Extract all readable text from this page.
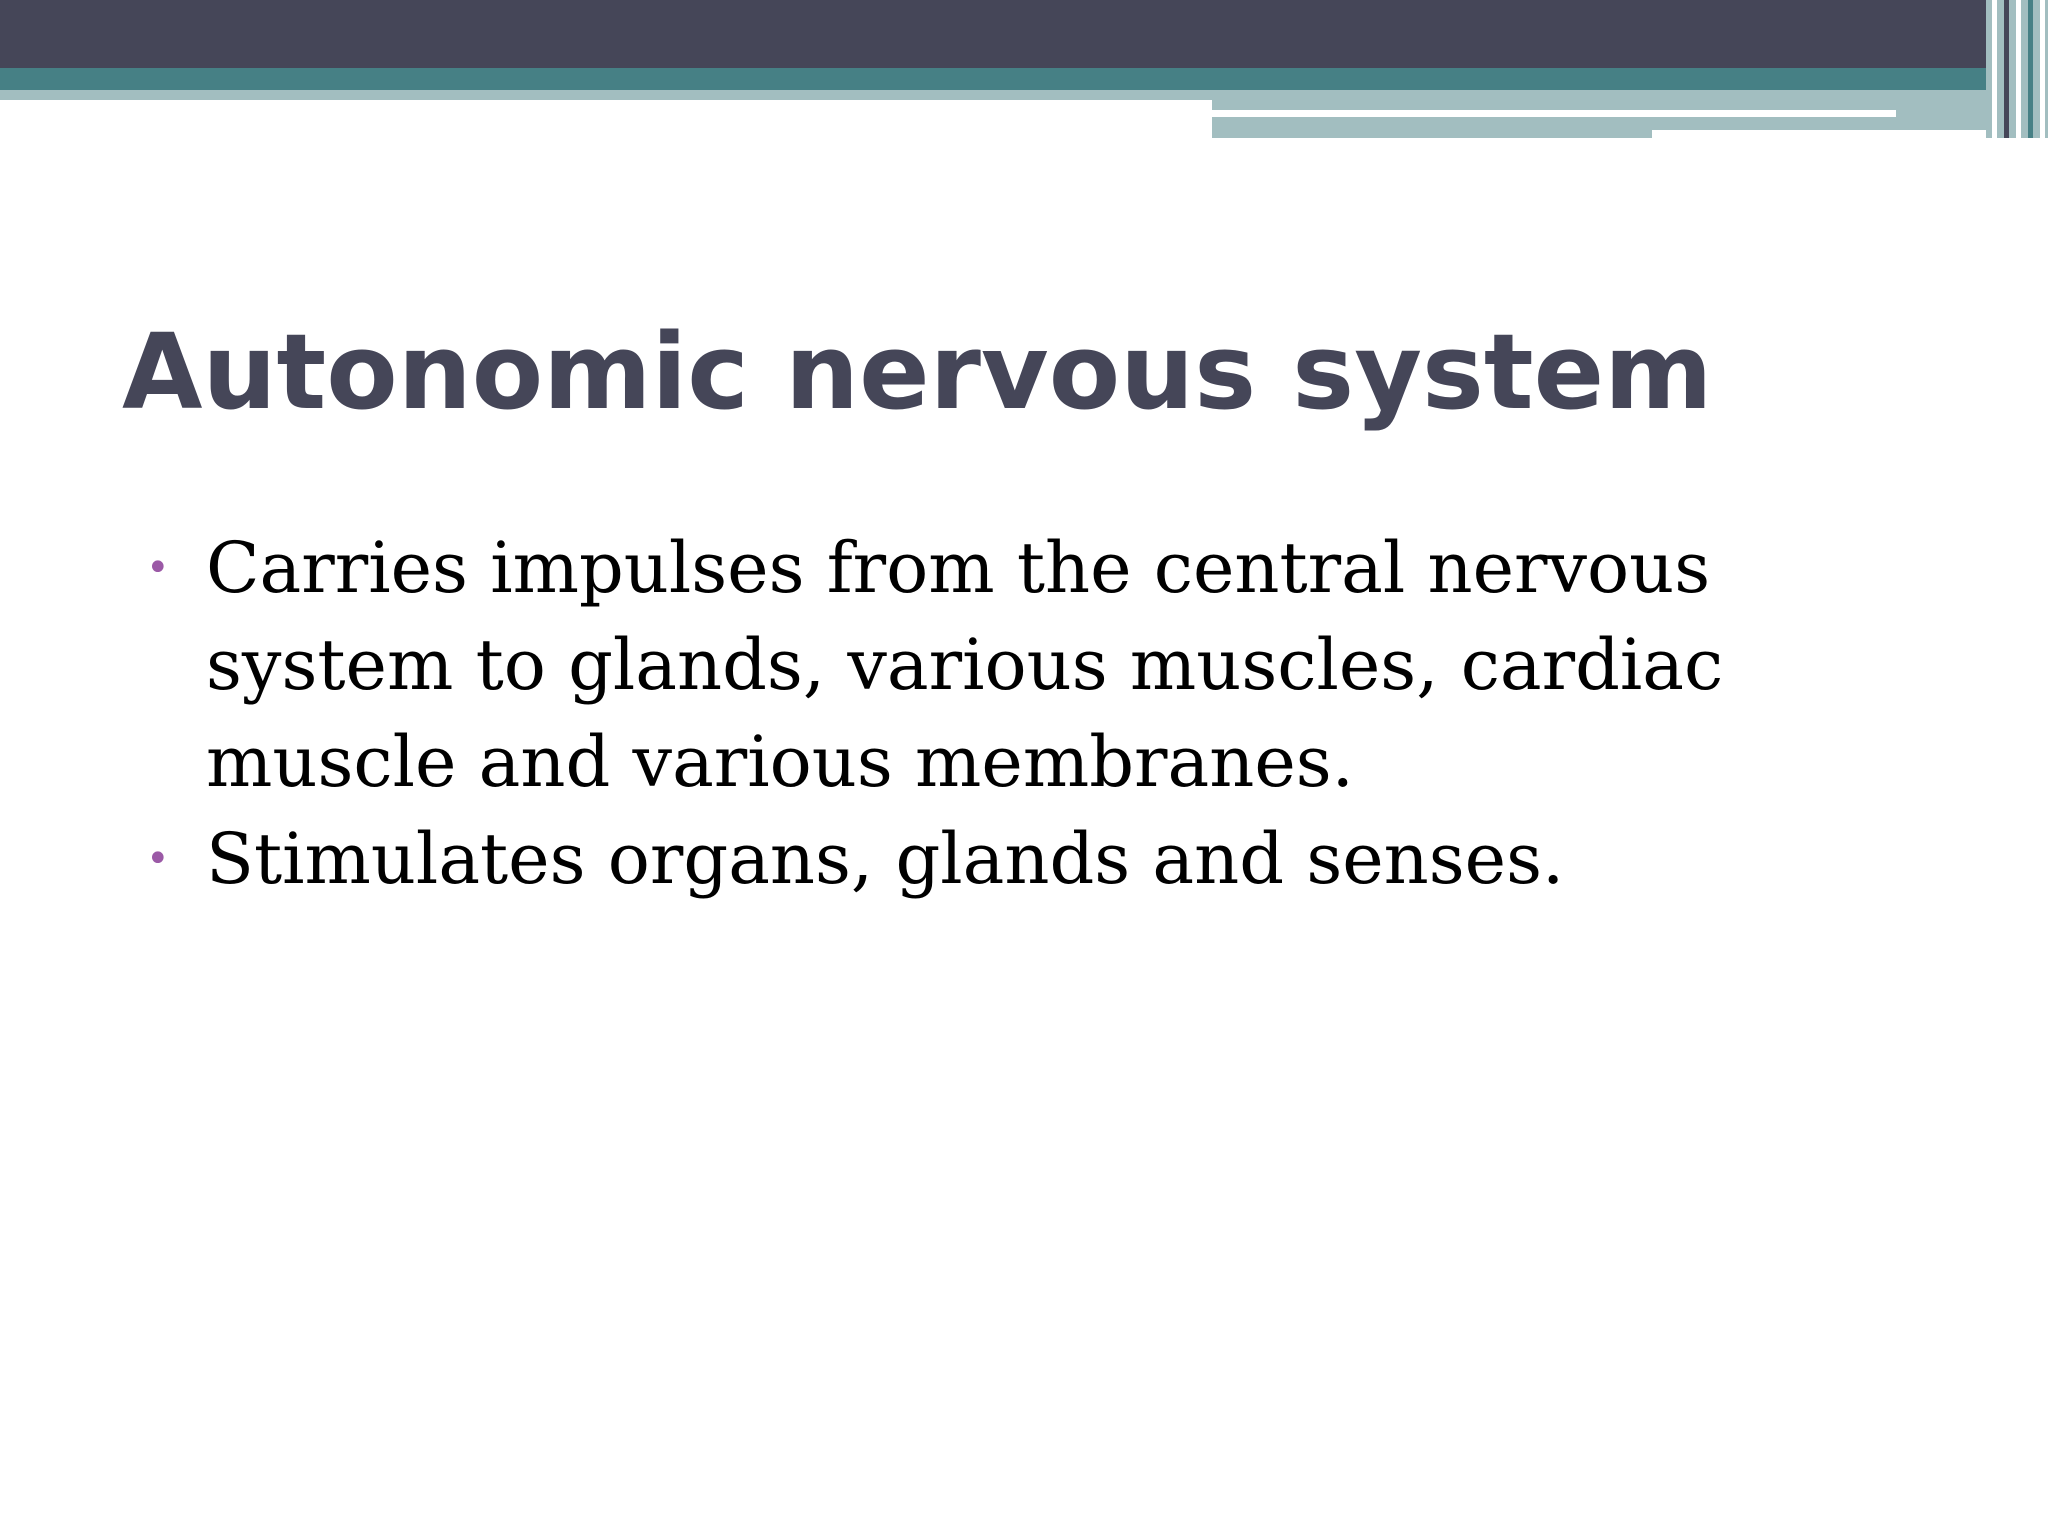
Autonomic nervous system
• Carries impulses from the central nervous system to glands, various muscles, cardiac muscle and various membranes.
• Stimulates organs, glands and senses.
